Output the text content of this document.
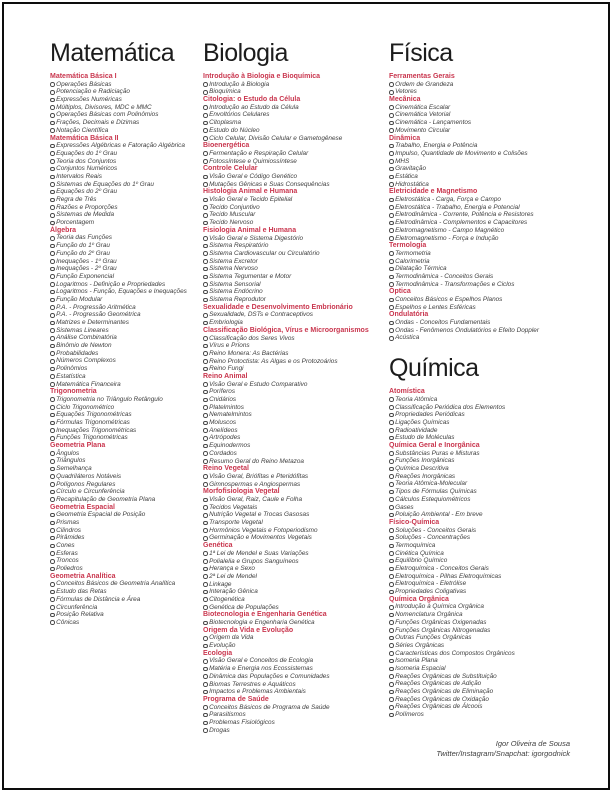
Matemática
Matemática Básica I
Operações Básicas
Potenciação e Radiciação
Expressões Numéricas
Múltiplos, Divisores, MDC e MMC
Operações Básicas com Polinômios
Frações, Decimais e Dízimas
Notação Científica
Matemática Básica II
Expressões Algébricas e Fatoração Algébrica
Equações do 1º Grau
Teoria dos Conjuntos
Conjuntos Numéricos
Intervalos Reais
Sistemas de Equações do 1º Grau
Equações do 2º Grau
Regra de Três
Razões e Proporções
Sistemas de Medida
Porcentagem
Álgebra
Teoria das Funções
Função do 1º Grau
Função do 2º Grau
Inequações - 1º Grau
Inequações - 2º Grau
Função Exponencial
Logaritmos - Definição e Propriedades
Logaritmos - Função, Equações e Inequações
Função Modular
P.A. - Progressão Aritmética
P.A. - Progressão Geométrica
Matrizes e Determinantes
Sistemas Lineares
Análise Combinatória
Binômio de Newton
Probabilidades
Números Complexos
Polinômios
Estatística
Matemática Financeira
Trigonometria
Trigonometria no Triângulo Retângulo
Ciclo Trigonométrico
Equações Trigonométricas
Fórmulas Trigonométricas
Inequações Trigonométricas
Funções Trigonométricas
Geometria Plana
Ângulos
Triângulos
Semelhança
Quadriláteros Notáveis
Polígonos Regulares
Círculo e Circunferência
Recapitulação de Geometria Plana
Geometria Espacial
Geometria Espacial de Posição
Prismas
Cilindros
Pirâmides
Cones
Esferas
Troncos
Poliedros
Geometria Analítica
Conceitos Básicos de Geometria Analítica
Estudo das Retas
Fórmulas de Distância e Área
Circunferência
Posição Relativa
Cônicas
Biologia
Introdução à Biologia e Bioquímica
Introdução à Biologia
Bioquímica
Citologia: o Estudo da Célula
Introdução ao Estudo da Célula
Envoltórios Celulares
Citoplasma
Estudo do Núcleo
Ciclo Celular, Divisão Celular e Gametogênese
Bioenergética
Fermentação e Respiração Celular
Fotossíntese e Quimiossíntese
Controle Celular
Visão Geral e Código Genético
Mutações Gênicas e Suas Consequências
Histologia Animal e Humana
Visão Geral e Tecido Epitelial
Tecido Conjuntivo
Tecido Muscular
Tecido Nervoso
Fisiologia Animal e Humana
Visão Geral e Sistema Digestório
Sistema Respiratório
Sistema Cardiovascular ou Circulatório
Sistema Excretor
Sistema Nervoso
Sistema Tegumentar e Motor
Sistema Sensorial
Sistema Endócrino
Sistema Reprodutor
Sexualidade e Desenvolvimento Embrionário
Sexualidade, DSTs e Contraceptivos
Embriologia
Classificação Biológica, Vírus e Microorganismos
Classificação dos Seres Vivos
Vírus e Príons
Reino Monera: As Bactérias
Reino Protoctista: As Algas e os Protozoários
Reino Fungi
Reino Animal
Visão Geral e Estudo Comparativo
Poríferos
Cnidários
Platelmintos
Nematelmintos
Moluscos
Anelídeos
Artrópodes
Equinodermos
Cordados
Resumo Geral do Reino Metazoa
Reino Vegetal
Visão Geral, Briófitas e Pteridófitas
Gimnospermas e Angiospermas
Morfofisiologia Vegetal
Visão Geral, Raiz, Caule e Folha
Tecidos Vegetais
Nutrição Vegetal e Trocas Gasosas
Transporte Vegetal
Hormônios Vegetais e Fotoperiodismo
Germinação e Movimentos Vegetais
Genética
1ª Lei de Mendel e Suas Variações
Polialelia e Grupos Sanguíneos
Herança e Sexo
2ª Lei de Mendel
Linkage
Interação Gênica
Citogenética
Genética de Populações
Biotecnologia e Engenharia Genética
Biotecnologia e Engenharia Genética
Origem da Vida e Evolução
Origem da Vida
Evolução
Ecologia
Visão Geral e Conceitos de Ecologia
Matéria e Energia nos Ecossistemas
Dinâmica das Populações e Comunidades
Biomas Terrestres e Aquáticos
Impactos e Problemas Ambientais
Programa de Saúde
Conceitos Básicos de Programa de Saúde
Parasitismos
Problemas Fisiológicos
Drogas
Física
Ferramentas Gerais
Ordem de Grandeza
Vetores
Mecânica
Cinemática Escalar
Cinemática Vetorial
Cinemática - Lançamentos
Movimento Circular
Dinâmica
Trabalho, Energia e Potência
Impulso, Quantidade de Movimento e Colisões
MHS
Gravitação
Estática
Hidrostática
Eletricidade e Magnetismo
Eletrostática - Carga, Força e Campo
Eletrostática - Trabalho, Energia e Potencial
Eletrodinâmica - Corrente, Potência e Resistores
Eletrodinâmica - Complementos e Capacitores
Eletromagnetismo - Campo Magnético
Eletromagnetismo - Força e Indução
Termologia
Termometria
Calorimetria
Dilatação Térmica
Termodinâmica - Conceitos Gerais
Termodinâmica - Transformações e Ciclos
Óptica
Conceitos Básicos e Espelhos Planos
Espelhos e Lentes Esféricas
Ondulatória
Ondas - Conceitos Fundamentais
Ondas - Fenômenos Ondulatórios e Efeito Doppler
Acústica
Química
Atomística
Teoria Atômica
Classificação Periódica dos Elementos
Propriedades Periódicas
Ligações Químicas
Radioatividade
Estudo de Moléculas
Química Geral e Inorgânica
Substâncias Puras e Misturas
Funções Inorgânicas
Química Descritiva
Reações Inorgânicas
Teoria Atômica-Molecular
Tipos de Fórmulas Químicas
Cálculos Estequiométricos
Gases
Poluição Ambiental - Em breve
Físico-Química
Soluções - Conceitos Gerais
Soluções - Concentrações
Termoquímica
Cinética Química
Equilíbrio Químico
Eletroquímica - Conceitos Gerais
Eletroquímica - Pilhas Eletroquímicas
Eletroquímica - Eletrólise
Propriedades Coligativas
Química Orgânica
Introdução à Química Orgânica
Nomenclatura Orgânica
Funções Orgânicas Oxigenadas
Funções Orgânicas Nitrogenadas
Outras Funções Orgânicas
Séries Orgânicas
Características dos Compostos Orgânicos
Isomeria Plana
Isomeria Espacial
Reações Orgânicas de Substituição
Reações Orgânicas de Adição
Reações Orgânicas de Eliminação
Reações Orgânicas de Oxidação
Reações Orgânicas de Álcoois
Polímeros
Igor Oliveira de Sousa
Twitter/Instagram/Snapchat: igorgodnick
